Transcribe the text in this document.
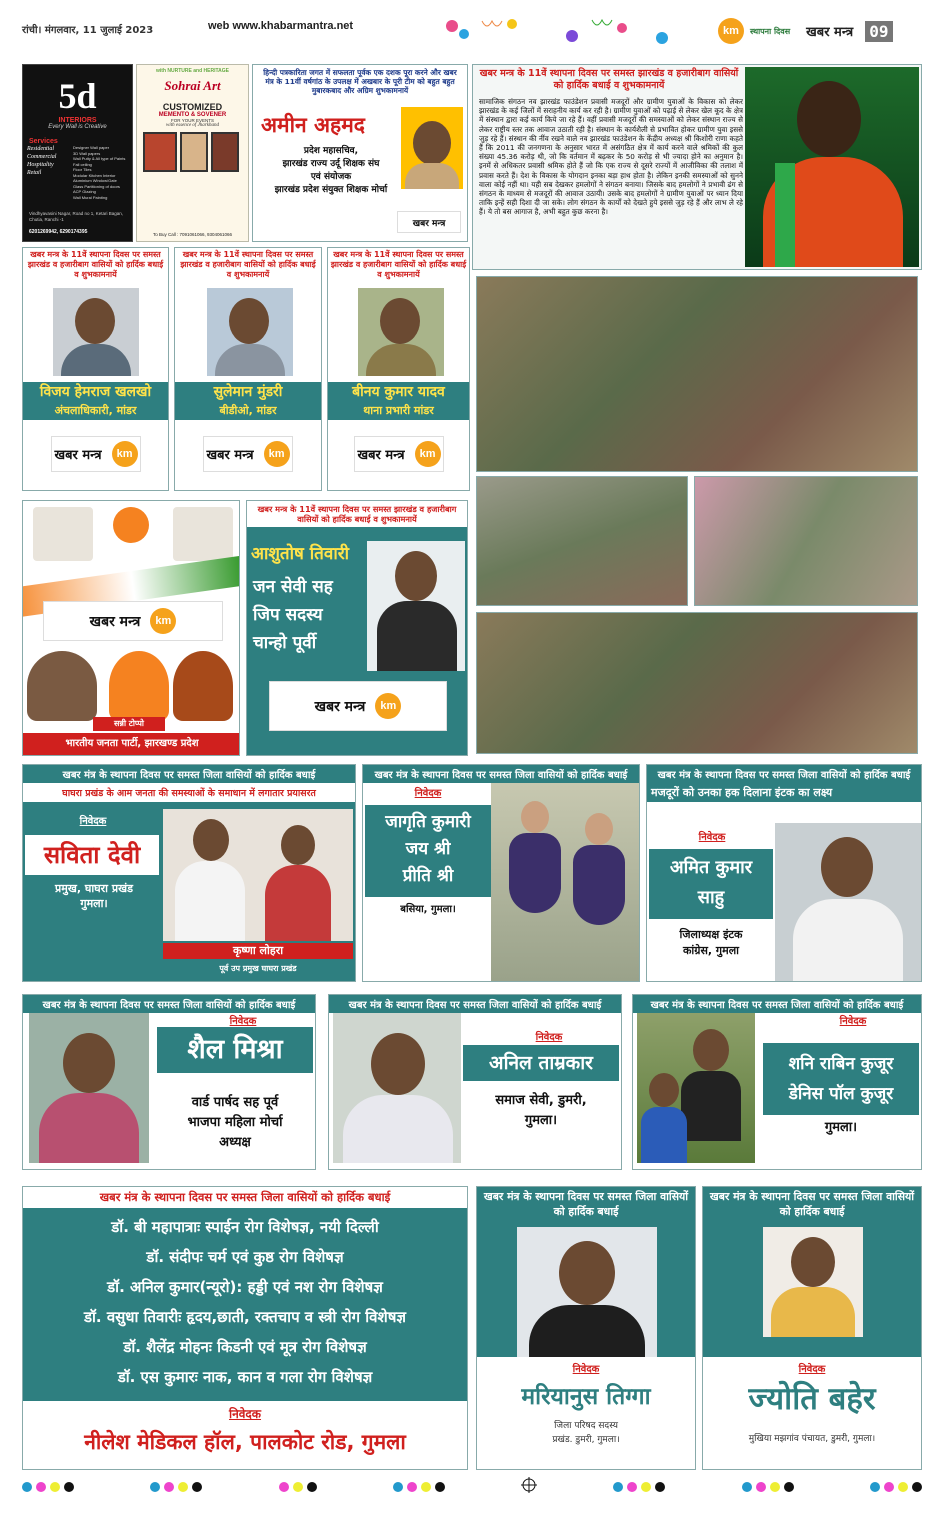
रांची। मंगलवार, 11 जुलाई 2023	web www.khabarmantra.net	km	स्थापना दिवस खबर मन्त्र 09
5d
INTERIORS
Every Wall is Creative
Services
Residential
Commercial
Hospitality
Retail
Designer Wall paper
3D Wall papers
Wall Putty & All type of Paints
Fall ceiling
Floor Tiles
Modular Kitchen Interior
Aluminium Window/Gate
Glass Partitioning of doors
ACP Glazing
Wall Mural Painting
Vindhyavasini Nagar, Road no 1, Ketari Bagan, Chutia, Ranchi -1
6201269942, 6290174395
with NURTURE and HERITAGE
Sohrai Art
CUSTOMIZED
MEMENTO & SOVENER
FOR YOUR EVENTS
with essence of Jharkhand
To Buy Call : 7091061066, 9304061066
हिन्दी पत्रकारिता जगत में सफलता पूर्वक एक दशक पूरा करने और खबर मंत्र के 11वीं वर्षगांठ के उपलक्ष में अखबार के पूरी टीम को बहुत बहुत मुबारकबाद और अग्रिम शुभकामनायें
अमीन अहमद
प्रदेश महासचिव,
झारखंड राज्य उर्दू शिक्षक संघ
एवं संयोजक
झारखंड प्रदेश संयुक्त शिक्षक मोर्चा
खबर मन्त्र
खबर मन्त्र के 11वें स्थापना दिवस पर समस्त झारखंड व हजारीबाग वासियों को हार्दिक बधाई व शुभकामनायें
सामाजिक संगठन नव झारखंड फाउंडेशन प्रवासी मजदूरों और ग्रामीण युवाओं के विकास को लेकर झारखंड के कई जिलों में सराहनीय कार्य कर रही है। ग्रामीण युवाओं को पढ़ाई से लेकर खेल कूद के क्षेत्र में संस्थान द्वारा कई कार्य किये जा रहे हैं। वहीं प्रवासी मजदूरों की समस्याओं को लेकर संस्थान राज्य से लेकर राष्ट्रीय स्तर तक आवाज उठाती रही है। संस्थान के कार्यशैली से प्रभावित होकर ग्रामीण युवा इससे जुड़ रहे हैं। संस्थान की नींव रखने वाले नव झारखंड फाउंडेशन के केंद्रीय अध्यक्ष श्री किशोरी राणा कहते हैं कि 2011 की जनगणना के अनुसार भारत में असंगठित क्षेत्र में कार्य करने वाले श्रमिकों की कुल संख्या 45.36 करोड़ थी, जो कि वर्तमान में बढ़कर के 50 करोड़ से भी ज्यादा होने का अनुमान है। इनमें से अधिकतर प्रवासी श्रमिक होते हैं जो कि एक राज्य से दूसरे राज्यों में आजीविका की तलाश में प्रवास करते हैं। देश के विकास के योगदान इनका बड़ा हाथ होता है। लेकिन इनकी समस्याओं को सुनने वाला कोई नहीं था। यही सब देखकर हमलोगों ने संगठन बनाया। जिसके बाद हमलोगों ने प्रभावी ढंग से संगठन के माध्यम से मजदूरों की आवाज उठायी। उसके बाद हमलोगों ने ग्रामीण युवाओं पर ध्यान दिया ताकि इन्हें सही दिशा दी जा सके। लोग संगठन के कार्यों को देखते हुये इससे जुड़ रहे हैं और लाभ ले रहे हैं। ये तो बस आगाज है, अभी बहुत कुछ करना है।
खबर मन्त्र के 11वें स्थापना दिवस पर समस्त झारखंड व हजारीबाग वासियों को हार्दिक बधाई व शुभकामनायें
विजय हेमराज खलखो
अंचलाधिकारी, मांडर
खबर मन्त्र	km
खबर मन्त्र के 11वें स्थापना दिवस पर समस्त झारखंड व हजारीबाग वासियों को हार्दिक बधाई व शुभकामनायें
सुलेमान मुंडरी
बीडीओ, मांडर
खबर मन्त्र	km
खबर मन्त्र के 11वें स्थापना दिवस पर समस्त झारखंड व हजारीबाग वासियों को हार्दिक बधाई व शुभकामनायें
बीनय कुमार यादव
थाना प्रभारी मांडर
खबर मन्त्र	km
खबर मन्त्र	km
सन्नी टोप्पो
भारतीय जनता पार्टी, झारखण्ड प्रदेश
खबर मन्त्र के 11वें स्थापना दिवस पर समस्त झारखंड व हजारीबाग वासियों को हार्दिक बधाई व शुभकामनायें
आशुतोष तिवारी
जन सेवी सह
जिप सदस्य
चान्हो पूर्वी
खबर मन्त्र	km
खबर मंत्र के स्थापना दिवस पर समस्त जिला वासियों को हार्दिक बधाई
घाघरा प्रखंड के आम जनता की समस्याओं के समाधान में लगातार प्रयासरत
निवेदक
सविता देवी
प्रमुख, घाघरा प्रखंड
गुमला।
कृष्णा लोहरा
पूर्व उप प्रमुख घाघरा प्रखंड
खबर मंत्र के स्थापना दिवस पर समस्त जिला वासियों को हार्दिक बधाई
निवेदक
जागृति कुमारी
जय श्री
प्रीति श्री
बसिया, गुमला।
खबर मंत्र के स्थापना दिवस पर समस्त जिला वासियों को हार्दिक बधाई
मजदूरों को उनका हक दिलाना इंटक का लक्ष्य
निवेदक
अमित कुमार
साहु
जिलाध्यक्ष इंटक
कांग्रेस, गुमला
खबर मंत्र के स्थापना दिवस पर समस्त जिला वासियों को हार्दिक बधाई
निवेदक
शैल मिश्रा
वार्ड पार्षद सह पूर्व
भाजपा महिला मोर्चा
अध्यक्ष
खबर मंत्र के स्थापना दिवस पर समस्त जिला वासियों को हार्दिक बधाई
निवेदक
अनिल ताम्रकार
समाज सेवी, डुमरी,
गुमला।
खबर मंत्र के स्थापना दिवस पर समस्त जिला वासियों को हार्दिक बधाई
निवेदक
शनि राबिन कुजूर
डेनिस पॉल कुजूर
गुमला।
खबर मंत्र के स्थापना दिवस पर समस्त जिला वासियों को हार्दिक बधाई
डॉ. बी महापात्राः स्पाईन रोग विशेषज्ञ, नयी दिल्ली
डॉ. संदीपः चर्म एवं कुष्ठ रोग विशेषज्ञ
डॉ. अनिल कुमार(न्यूरो): हड्डी एवं नश रोग विशेषज्ञ
डॉ. वसुधा तिवारीः हृदय,छाती, रक्तचाप व स्त्री रोग विशेषज्ञ
डॉ. शैलेंद्र मोहनः किडनी एवं मूत्र रोग विशेषज्ञ
डॉ. एस कुमारः नाक, कान व गला रोग विशेषज्ञ
निवेदक
नीलेश मेडिकल हॉल, पालकोट रोड, गुमला
खबर मंत्र के स्थापना दिवस पर समस्त जिला वासियों को हार्दिक बधाई
निवेदक
मरियानुस तिग्गा
जिला परिषद सदस्य
प्रखंड. डुमरी, गुमला।
खबर मंत्र के स्थापना दिवस पर समस्त जिला वासियों को हार्दिक बधाई
निवेदक
ज्योति बहेर
मुखिया मझगांव पंचायत, डुमरी, गुमला।
